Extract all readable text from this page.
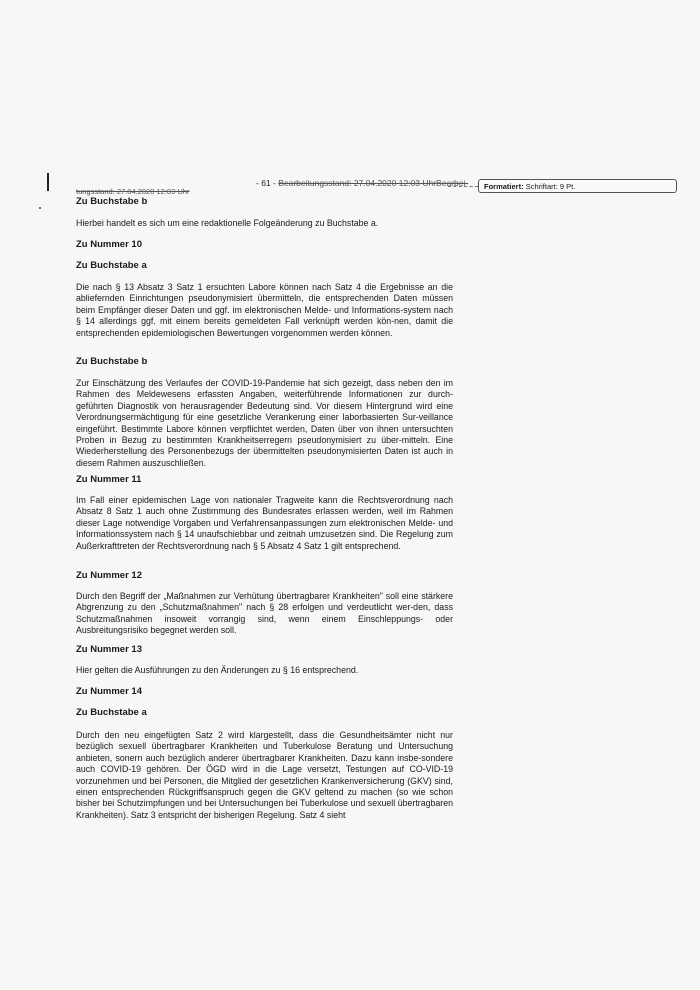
tungsstand: 27.04.2020 12:03 Uhr
- 61 - Bearbeitungsstand: 27.04.2020 12:03 UhrBearbei-	Formatiert: Schriftart: 9 Pt.

Zu Buchstabe b

Hierbei handelt es sich um eine redaktionelle Folgeänderung zu Buchstabe a.

Zu Nummer 10

Zu Buchstabe a

Die nach § 13 Absatz 3 Satz 1 ersuchten Labore können nach Satz 4 die Ergebnisse an die abliefernden Einrichtungen pseudonymisiert übermitteln, die entsprechenden Daten müssen beim Empfänger dieser Daten und ggf. im elektronischen Melde- und Informations-system nach § 14 allerdings ggf. mit einem bereits gemeldeten Fall verknüpft werden kön-nen, damit die entsprechenden epidemiologischen Bewertungen vorgenommen werden können.

Zu Buchstabe b

Zur Einschätzung des Verlaufes der COVID-19-Pandemie hat sich gezeigt, dass neben den im Rahmen des Meldewesens erfassten Angaben, weiterführende Informationen zur durch-geführten Diagnostik von herausragender Bedeutung sind. Vor diesem Hintergrund wird eine Verordnungsermächtigung für eine gesetzliche Verankerung einer laborbasierten Sur-veillance eingeführt. Bestimmte Labore können verpflichtet werden, Daten über von ihnen untersuchten Proben in Bezug zu bestimmten Krankheitserregern pseudonymisiert zu über-mitteln. Eine Wiederherstellung des Personenbezugs der übermittelten pseudonymisierten Daten ist auch in diesem Rahmen auszuschließen.

Zu Nummer 11

Im Fall einer epidemischen Lage von nationaler Tragweite kann die Rechtsverordnung nach Absatz 8 Satz 1 auch ohne Zustimmung des Bundesrates erlassen werden, weil im Rahmen dieser Lage notwendige Vorgaben und Verfahrensanpassungen zum elektronischen Melde- und Informationssystem nach § 14 unaufschiebbar und zeitnah umzusetzen sind. Die Regelung zum Außerkrafttreten der Rechtsverordnung nach § 5 Absatz 4 Satz 1 gilt entsprechend.

Zu Nummer 12

Durch den Begriff der „Maßnahmen zur Verhütung übertragbarer Krankheiten" soll eine stärkere Abgrenzung zu den „Schutzmaßnahmen" nach § 28 erfolgen und verdeutlicht wer-den, dass Schutzmaßnahmen insoweit vorrangig sind, wenn einem Einschleppungs- oder Ausbreitungsrisiko begegnet werden soll.

Zu Nummer 13

Hier gelten die Ausführungen zu den Änderungen zu § 16 entsprechend.

Zu Nummer 14

Zu Buchstabe a

Durch den neu eingefügten Satz 2 wird klargestellt, dass die Gesundheitsämter nicht nur bezüglich sexuell übertragbarer Krankheiten und Tuberkulose Beratung und Untersuchung anbieten, sonern auch bezüglich anderer übertragbarer Krankheiten. Dazu kann insbe-sondere auch COVID-19 gehören. Der ÖGD wird in die Lage versetzt, Testungen auf CO-VID-19 vorzunehmen und bei Personen, die Mitglied der gesetzlichen Krankenversicherung (GKV) sind, einen entsprechenden Rückgriffsanspruch gegen die GKV geltend zu machen (so wie schon bisher bei Schutzimpfungen und bei Untersuchungen bei Tuberkulose und sexuell übertragbaren Krankheiten). Satz 3 entspricht der bisherigen Regelung. Satz 4 sieht
